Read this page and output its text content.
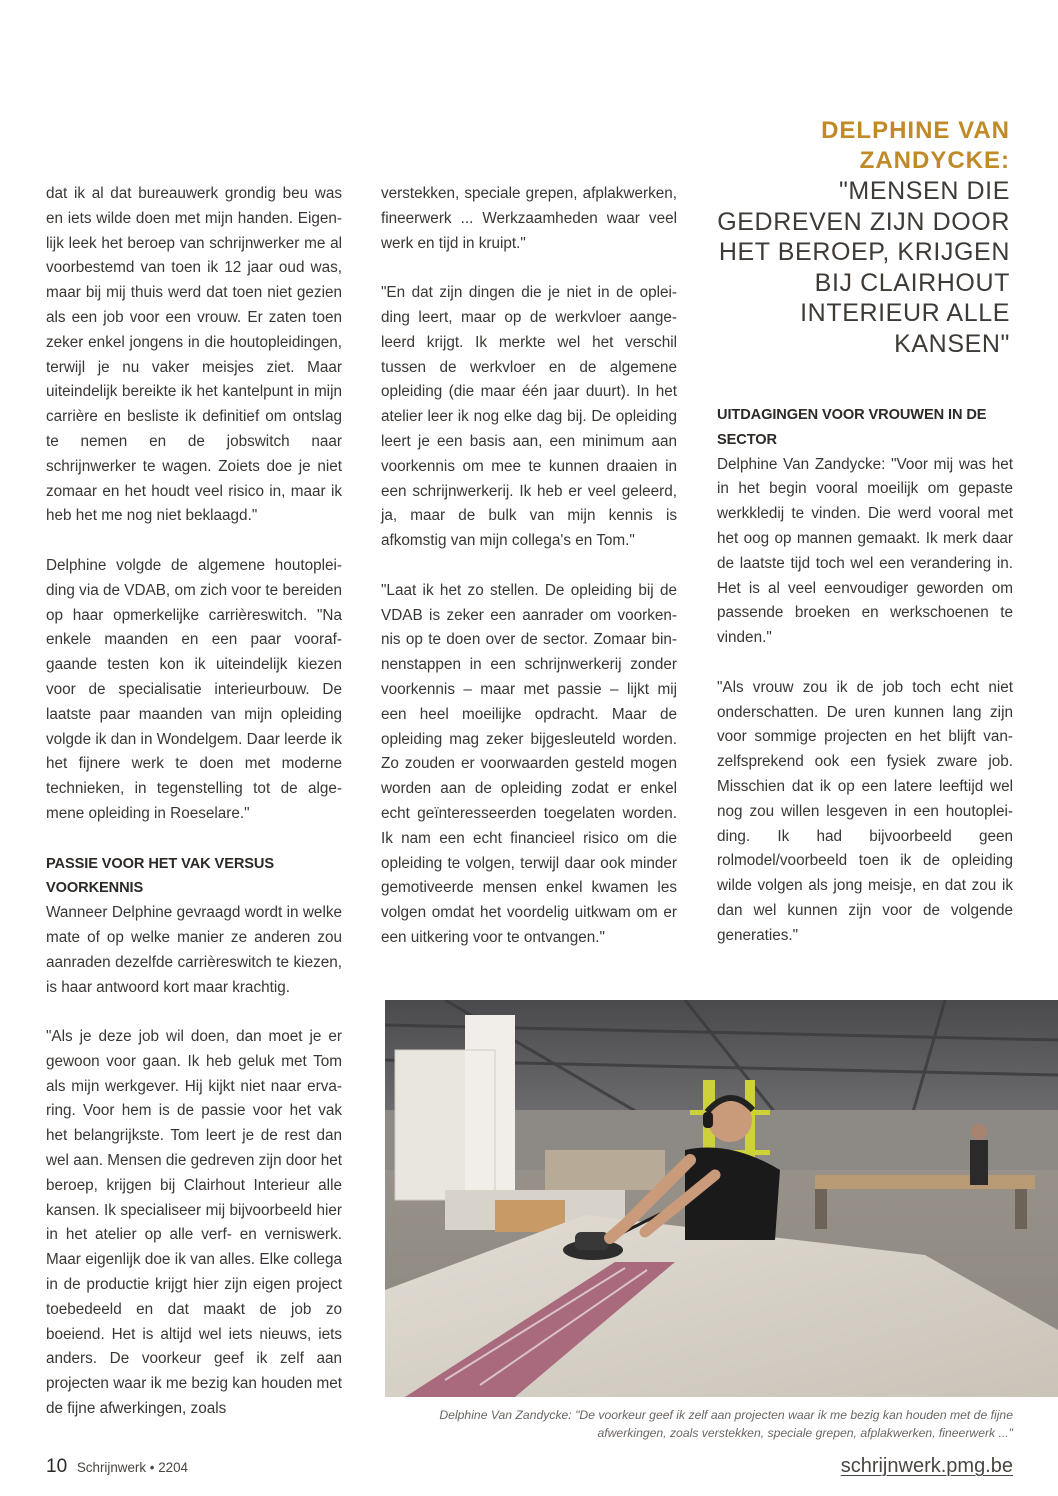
DELPHINE VAN ZANDYCKE:
"MENSEN DIE GEDREVEN ZIJN DOOR HET BEROEP, KRIJGEN BIJ CLAIRHOUT INTERIEUR ALLE KANSEN"

dat ik al dat bureauwerk grondig beu was en iets wilde doen met mijn handen. Eigenlijk leek het beroep van schrijnwerker me al voorbestemd van toen ik 12 jaar oud was, maar bij mij thuis werd dat toen niet gezien als een job voor een vrouw. Er zaten toen zeker enkel jongens in die houtopleidingen, terwijl je nu vaker meisjes ziet. Maar uiteindelijk bereikte ik het kantelpunt in mijn carrière en besliste ik definitief om ontslag te nemen en de jobswitch naar schrijnwerker te wagen. Zoiets doe je niet zomaar en het houdt veel risico in, maar ik heb het me nog niet beklaagd."

Delphine volgde de algemene houtopleiding via de VDAB, om zich voor te bereiden op haar opmerkelijke carrièreswitch. "Na enkele maanden en een paar voorafgaande testen kon ik uiteindelijk kiezen voor de specialisatie interieurbouw. De laatste paar maanden van mijn opleiding volgde ik dan in Wondelgem. Daar leerde ik het fijnere werk te doen met moderne technieken, in tegenstelling tot de algemene opleiding in Roeselare."

PASSIE VOOR HET VAK VERSUS VOORKENNIS

Wanneer Delphine gevraagd wordt in welke mate of op welke manier ze anderen zou aanraden dezelfde carrièreswitch te kiezen, is haar antwoord kort maar krachtig.

"Als je deze job wil doen, dan moet je er gewoon voor gaan. Ik heb geluk met Tom als mijn werkgever. Hij kijkt niet naar ervaring. Voor hem is de passie voor het vak het belangrijkste. Tom leert je de rest dan wel aan. Mensen die gedreven zijn door het beroep, krijgen bij Clairhout Interieur alle kansen. Ik specialiseer mij bijvoorbeeld hier in het atelier op alle verf- en verniswerk. Maar eigenlijk doe ik van alles. Elke collega in de productie krijgt hier zijn eigen project toebedeeld en dat maakt de job zo boeiend. Het is altijd wel iets nieuws, iets anders. De voorkeur geef ik zelf aan projecten waar ik me bezig kan houden met de fijne afwerkingen, zoals

verstekken, speciale grepen, afplakwerken, fineerwerk ... Werkzaamheden waar veel werk en tijd in kruipt."

"En dat zijn dingen die je niet in de opleiding leert, maar op de werkvloer aangeleerd krijgt. Ik merkte wel het verschil tussen de werkvloer en de algemene opleiding (die maar één jaar duurt). In het atelier leer ik nog elke dag bij. De opleiding leert je een basis aan, een minimum aan voorkennis om mee te kunnen draaien in een schrijnwerkerij. Ik heb er veel geleerd, ja, maar de bulk van mijn kennis is afkomstig van mijn collega's en Tom."

"Laat ik het zo stellen. De opleiding bij de VDAB is zeker een aanrader om voorkennis op te doen over de sector. Zomaar binnenstappen in een schrijnwerkerij zonder voorkennis – maar met passie – lijkt mij een heel moeilijke opdracht. Maar de opleiding mag zeker bijgesleuteld worden. Zo zouden er voorwaarden gesteld mogen worden aan de opleiding zodat er enkel echt geïnteresseerden toegelaten worden. Ik nam een echt financieel risico om die opleiding te volgen, terwijl daar ook minder gemotiveerde mensen enkel kwamen les volgen omdat het voordelig uitkwam om er een uitkering voor te ontvangen."

UITDAGINGEN VOOR VROUWEN IN DE SECTOR

Delphine Van Zandycke: "Voor mij was het in het begin vooral moeilijk om gepaste werkkledij te vinden. Die werd vooral met het oog op mannen gemaakt. Ik merk daar de laatste tijd toch wel een verandering in. Het is al veel eenvoudiger geworden om passende broeken en werkschoenen te vinden."

"Als vrouw zou ik de job toch echt niet onderschatten. De uren kunnen lang zijn voor sommige projecten en het blijft vanzelfsprekend ook een fysiek zware job. Misschien dat ik op een latere leeftijd wel nog zou willen lesgeven in een houtopleiding. Ik had bijvoorbeeld geen rolmodel/voorbeeld toen ik de opleiding wilde volgen als jong meisje, en dat zou ik dan wel kunnen zijn voor de volgende generaties."

Delphine Van Zandycke: "De voorkeur geef ik zelf aan projecten waar ik me bezig kan houden met de fijne afwerkingen, zoals verstekken, speciale grepen, afplakwerken, fineerwerk ..."
10 Schrijnwerk • 2204	schrijnwerk.pmg.be
